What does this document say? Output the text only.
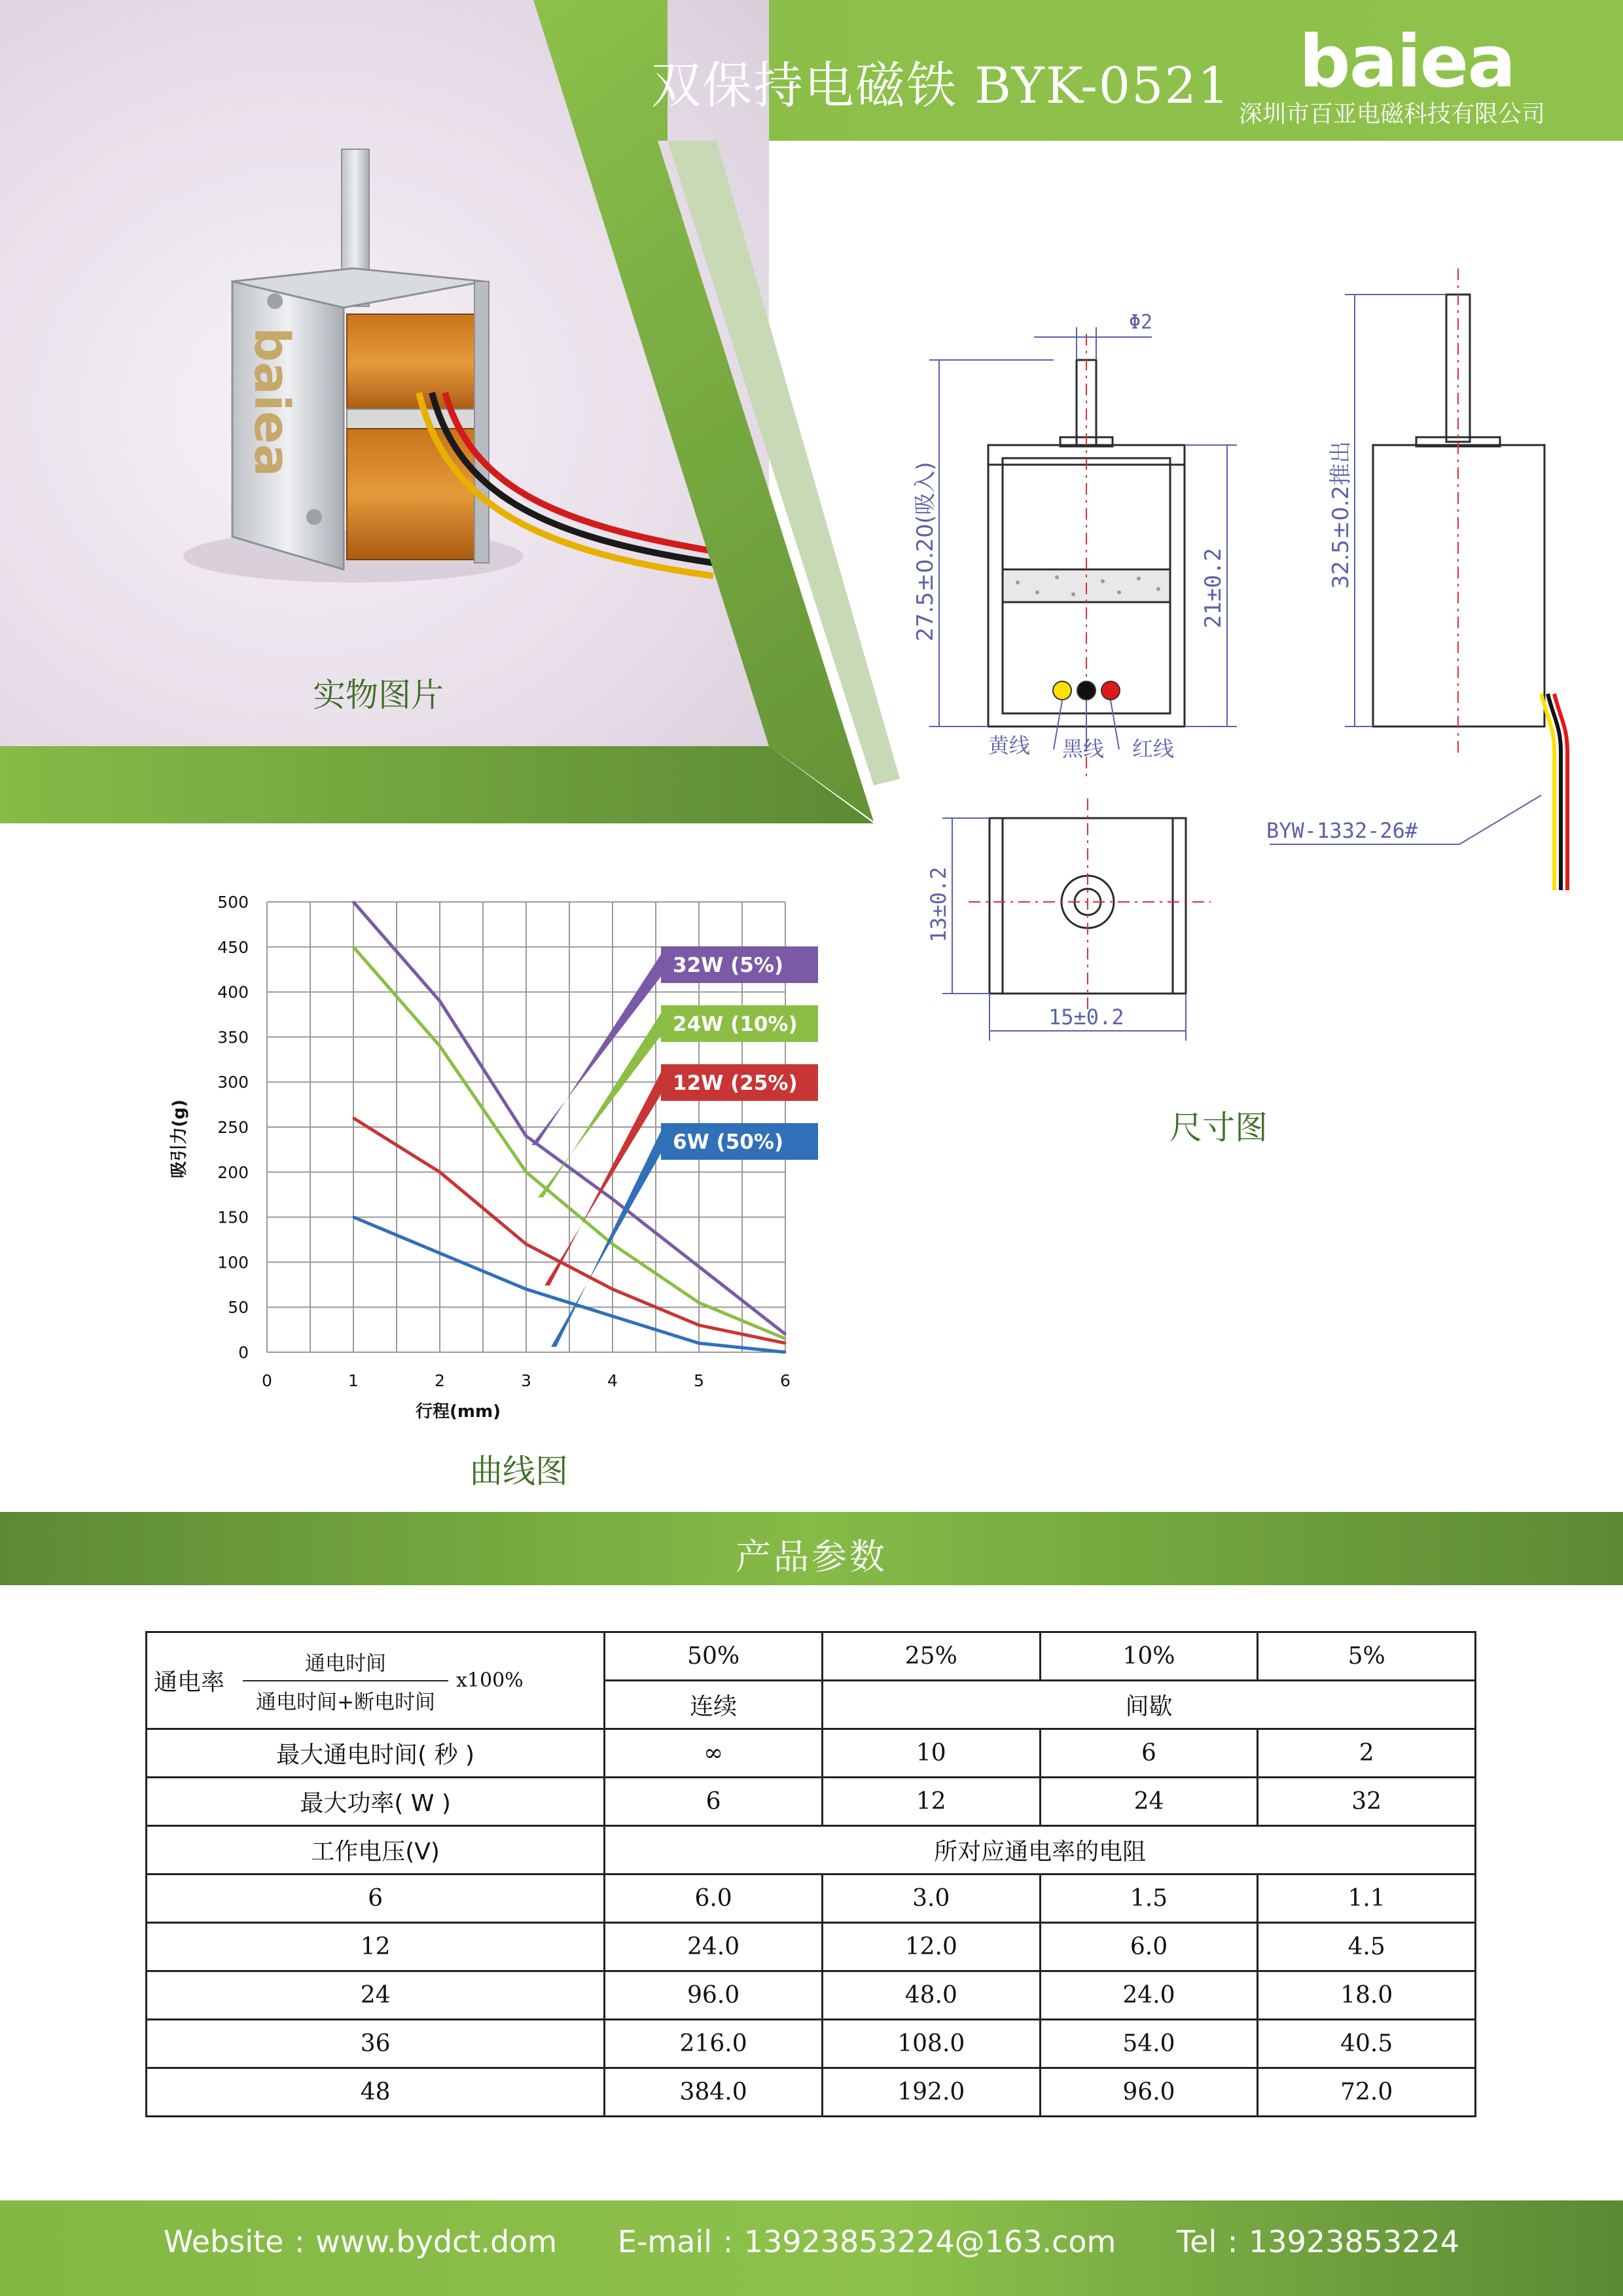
baiea
双保持电磁铁 BYK-0521 baiea
深圳市百亚电磁科技有限公司
实物图片
Φ2
27.5±0.20(吸入)	21±0.2	32.5±0.2推出
13±0.2
15±0.2
黄线 黑线 红线
BYW-1332-26#
尺寸图
0
50
100
150
200
250
300
350
400
450
500
0	1	2	3	4	5	6
32W (5%)
24W (10%)
12W (25%)
6W (50%)
行程(mm)
吸引力(g)
曲线图
产品参数
通电率 $\frac{\text{通电时间}}{\text{通电时间+断电时间}} x100\%$	50%	25%	10%	5%
	连续	间歇		
最大通电时间( 秒 )	∞	10	6	2
最大功率( W )	6	12	24	32
工作电压(V)	所对应通电率的电阻			
6	6.0	3.0	1.5	1.1
12	24.0	12.0	6.0	4.5
24	96.0	48.0	24.0	18.0
36	216.0	108.0	54.0	40.5
48	384.0	192.0	96.0	72.0
Website : www.bydct.dom E-mail : 13923853224@163.com Tel : 13923853224
